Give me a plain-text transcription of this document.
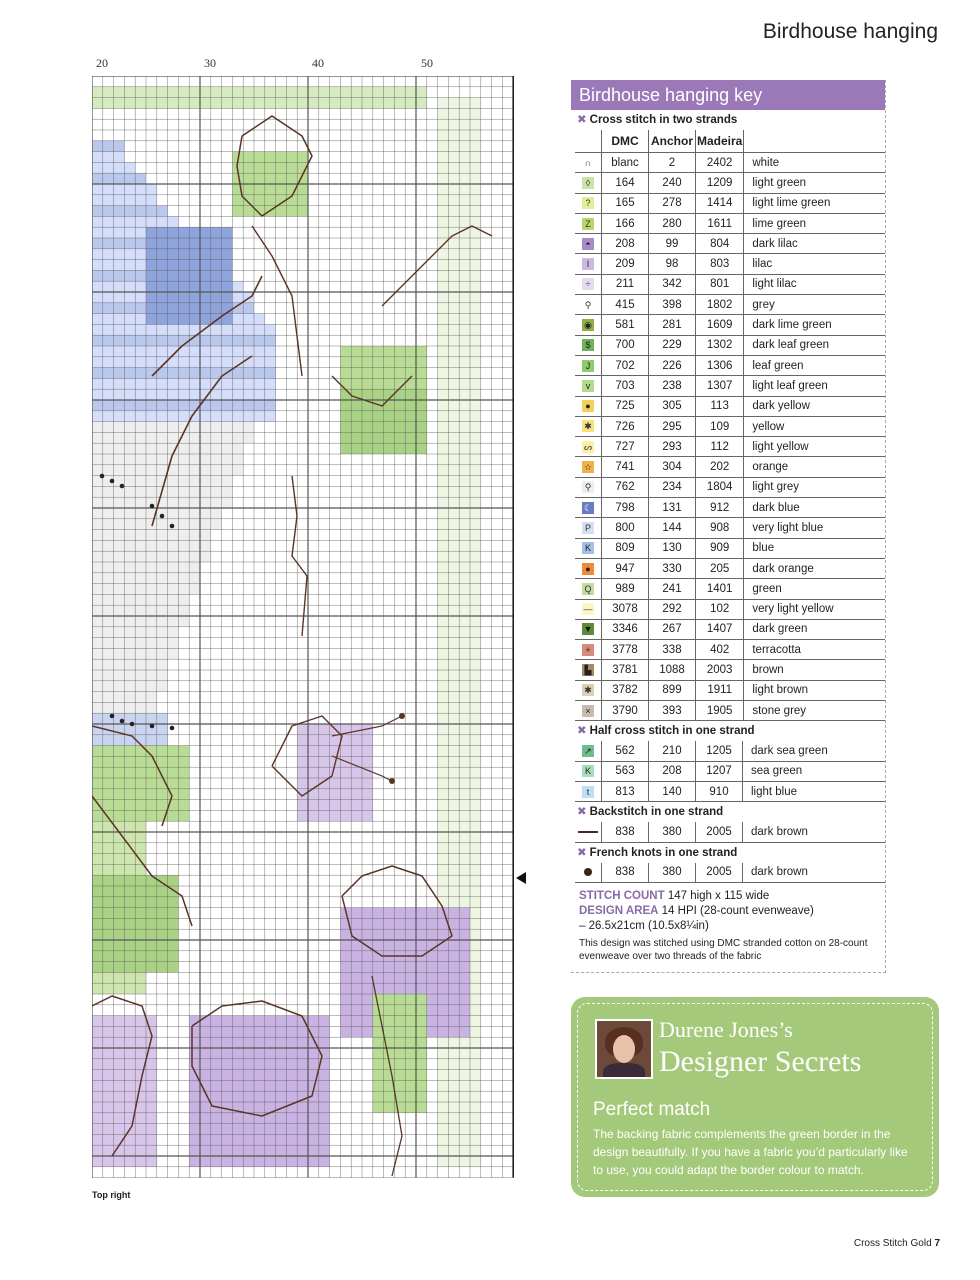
Birdhouse hanging
20	30	40	50
Top right
Birdhouse hanging key
✖ Cross stitch in two strands
	DMC	Anchor	Madeira	
∩	blanc	2	2402	white
◊	164	240	1209	light green
?	165	278	1414	light lime green
Z	166	280	1611	lime green
◓	208	99	804	dark lilac
I	209	98	803	lilac
÷	211	342	801	light lilac
⚲	415	398	1802	grey
◉	581	281	1609	dark lime green
$	700	229	1302	dark leaf green
J	702	226	1306	leaf green
v	703	238	1307	light leaf green
●	725	305	113	dark yellow
✱	726	295	109	yellow
ᔕ	727	293	112	light yellow
☆	741	304	202	orange
⚲	762	234	1804	light grey
☾	798	131	912	dark blue
P	800	144	908	very light blue
K	809	130	909	blue
●	947	330	205	dark orange
Q	989	241	1401	green
—	3078	292	102	very light yellow
▼	3346	267	1407	dark green
+	3778	338	402	terracotta
▙	3781	1088	2003	brown
✱	3782	899	1911	light brown
×	3790	393	1905	stone grey
✖ Half cross stitch in one strand
↗	562	210	1205	dark sea green
K	563	208	1207	sea green
t	813	140	910	light blue
✖ Backstitch in one strand
	838	380	2005	dark brown
✖ French knots in one strand
	838	380	2005	dark brown
STITCH COUNT 147 high x 115 wide
DESIGN AREA 14 HPI (28-count evenweave)
– 26.5x21cm (10.5x8¼in)
This design was stitched using DMC stranded cotton on 28-count evenweave over two threads of the fabric
Durene Jones’s
Designer Secrets
Perfect match
The backing fabric complements the green border in the design beautifully. If you have a fabric you’d particularly like to use, you could adapt the border colour to match.
Cross Stitch Gold 7
